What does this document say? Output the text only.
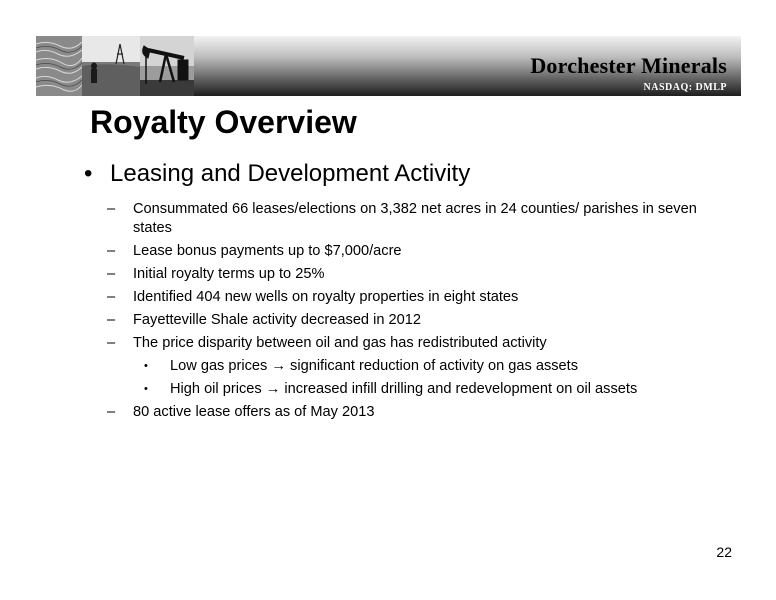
Dorchester Minerals
NASDAQ: DMLP
Royalty Overview
• Leasing and Development Activity
– Consummated 66 leases/elections on 3,382 net acres in 24 counties/ parishes in seven states
– Lease bonus payments up to $7,000/acre
– Initial royalty terms up to 25%
– Identified 404 new wells on royalty properties in eight states
– Fayetteville Shale activity decreased in 2012
– The price disparity between oil and gas has redistributed activity
• Low gas prices → significant reduction of activity on gas assets
• High oil prices → increased infill drilling and redevelopment on oil assets
– 80 active lease offers as of May 2013
22
